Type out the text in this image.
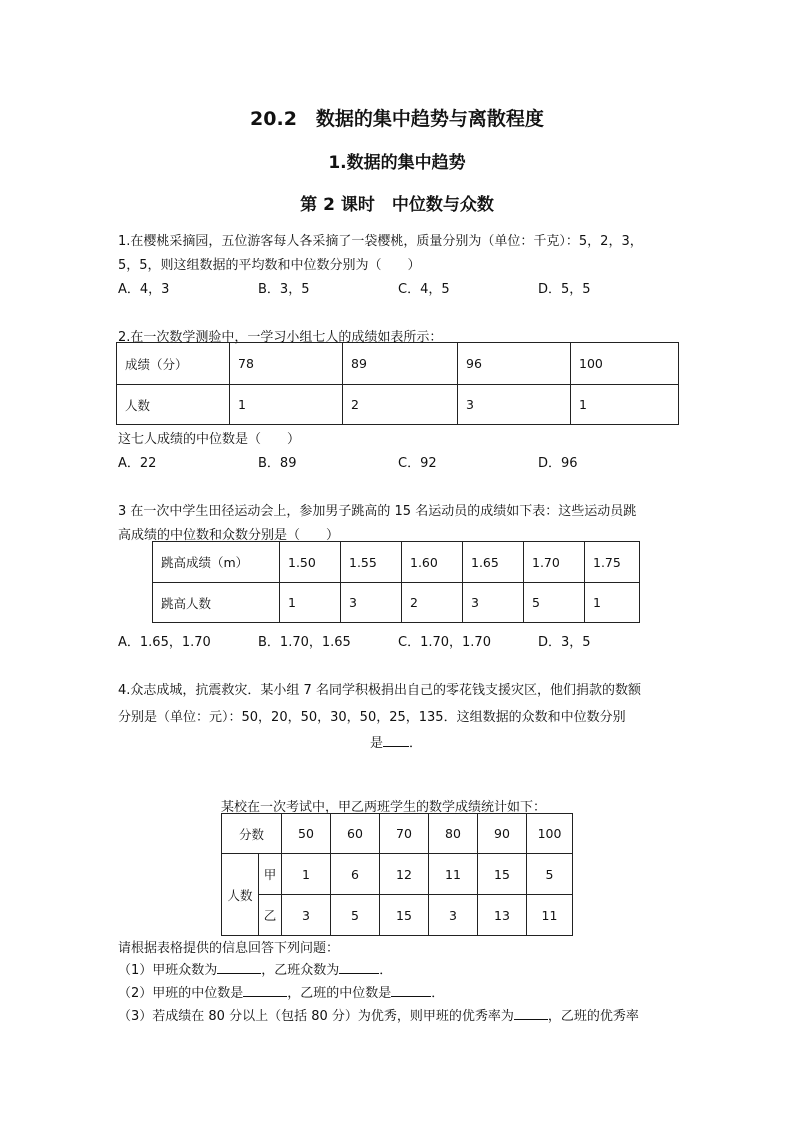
20.2　数据的集中趋势与离散程度
1.数据的集中趋势
第 2 课时　中位数与众数
1.在樱桃采摘园，五位游客每人各采摘了一袋樱桃，质量分别为（单位：千克）：5，2，3，
5，5，则这组数据的平均数和中位数分别为（　　）
A．4，3	B．3，5	C．4，5	D．5，5
2.在一次数学测验中，一学习小组七人的成绩如表所示：
成绩（分）	78	89	96	100
人数	1	2	3	1
这七人成绩的中位数是（　　）
A．22	B．89	C．92	D．96
3 在一次中学生田径运动会上，参加男子跳高的 15 名运动员的成绩如下表：这些运动员跳
高成绩的中位数和众数分别是（　　）
跳高成绩（m）	1.50	1.55	1.60	1.65	1.70	1.75
跳高人数	1	3	2	3	5	1
A．1.65，1.70	B．1.70，1.65	C．1.70，1.70	D．3，5
4.众志成城，抗震救灾．某小组 7 名同学积极捐出自己的零花钱支援灾区，他们捐款的数额
分别是（单位：元）：50，20，50，30，50，25，135．这组数据的众数和中位数分别
是 ．
某校在一次考试中，甲乙两班学生的数学成绩统计如下：
分数		50	60	70	80	90	100
人数	甲	1	6	12	11	15	5
	乙	3	5	15	3	13	11
请根据表格提供的信息回答下列问题：
（1）甲班众数为	，乙班众数为	．
（2）甲班的中位数是	，乙班的中位数是	．
（3）若成绩在 80 分以上（包括 80 分）为优秀，则甲班的优秀率为	，乙班的优秀率
